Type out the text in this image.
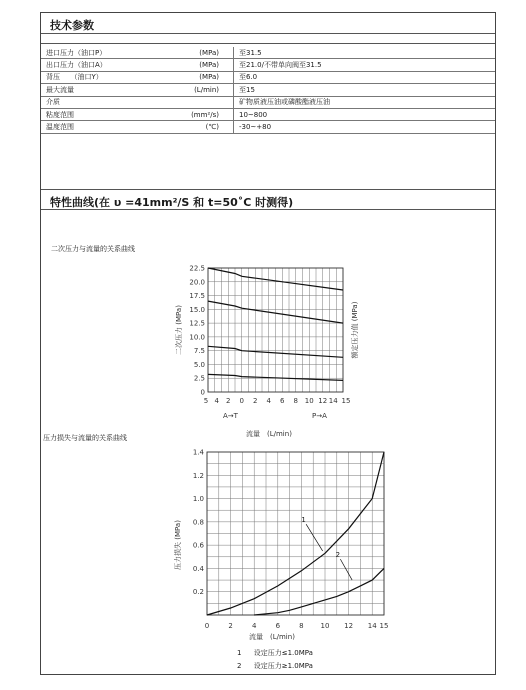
技术参数
进口压力（油口P）	(MPa)	至31.5
出口压力（油口A）	(MPa)	至21.0/不带单向阀至31.5
背压　　（油口Y）	(MPa)	至6.0
最大流量	(L/min)	至15
介质		矿物质液压油或磷酸酯液压油
粘度范围	(mm²/s)	10~800
温度范围	(℃)	-30~+80
特性曲线(在 υ =41mm²/S 和 t=50˚C 时测得)
二次压力与流量的关系曲线
压力损失与流量的关系曲线
0
2.5
5.0
7.5
10.0
12.5
15.0
17.5
20.0
22.5
5 4 2 0 2 4 6 8 10 12 14 15
A→T	P→A
流量　(L/min)
二次压力 (MPa)	额定压力值 (MPa)
0.2
0.4
0.6
0.8
1.0
1.2
1.4
0	2	4	6	8 10 12 14 15
流量　(L/min)
压力损失 (MPa)
1
2
1 设定压力≤1.0MPa
2 设定压力≥1.0MPa
